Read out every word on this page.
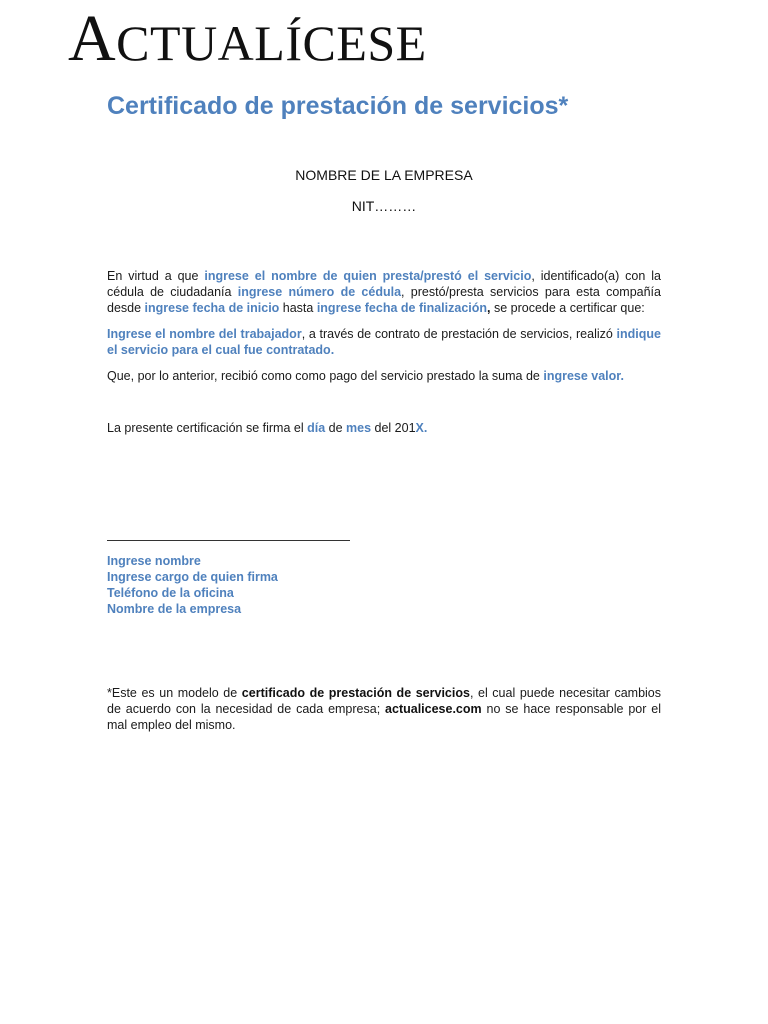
ACTUALÍCESE
Certificado de prestación de servicios*
NOMBRE DE LA EMPRESA
NIT………

En virtud a que ingrese el nombre de quien presta/prestó el servicio, identificado(a) con la cédula de ciudadanía ingrese número de cédula, prestó/presta servicios para esta compañía desde ingrese fecha de inicio hasta ingrese fecha de finalización, se procede a certificar que:

Ingrese el nombre del trabajador, a través de contrato de prestación de servicios, realizó indique el servicio para el cual fue contratado.

Que, por lo anterior, recibió como como pago del servicio prestado la suma de ingrese valor.

La presente certificación se firma el día de mes del 201X.

Ingrese nombre
Ingrese cargo de quien firma
Teléfono de la oficina
Nombre de la empresa

*Este es un modelo de certificado de prestación de servicios, el cual puede necesitar cambios de acuerdo con la necesidad de cada empresa; actualicese.com no se hace responsable por el mal empleo del mismo.
